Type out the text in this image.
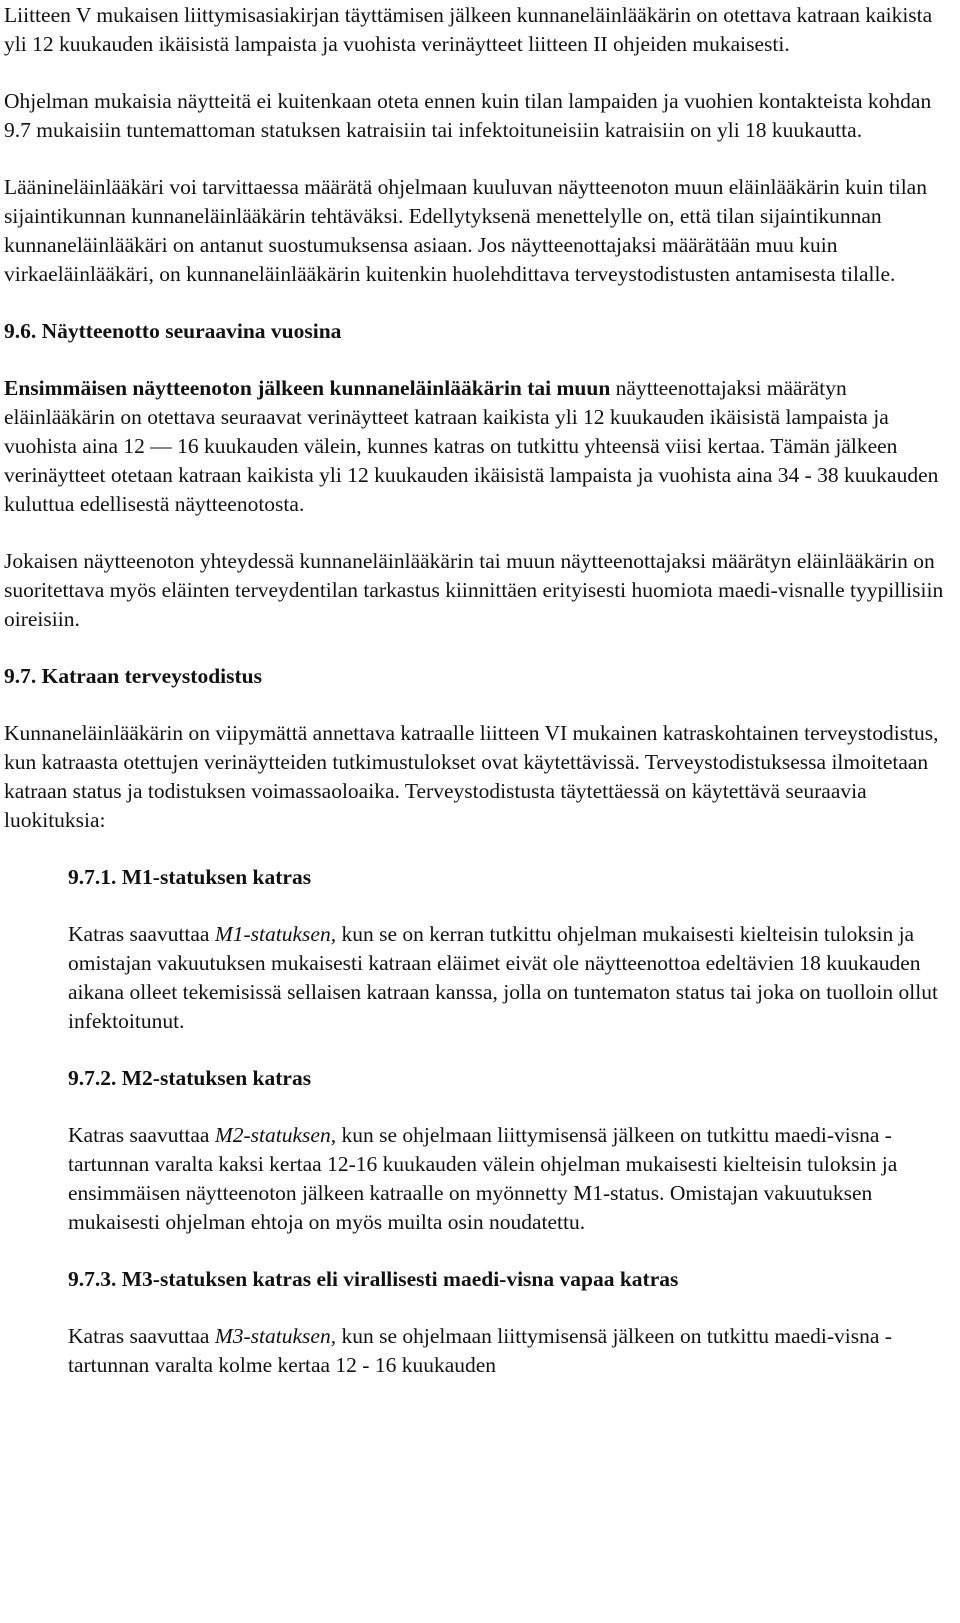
Liitteen V mukaisen liittymisasiakirjan täyttämisen jälkeen kunnaneläinlääkärin on otettava katraan kaikista yli 12 kuukauden ikäisistä lampaista ja vuohista verinäytteet liitteen II ohjeiden mukaisesti.

Ohjelman mukaisia näytteitä ei kuitenkaan oteta ennen kuin tilan lampaiden ja vuohien kontakteista kohdan 9.7 mukaisiin tuntemattoman statuksen katraisiin tai infektoituneisiin katraisiin on yli 18 kuukautta.

Läänineläinlääkäri voi tarvittaessa määrätä ohjelmaan kuuluvan näytteenoton muun eläinlääkärin kuin tilan sijaintikunnan kunnaneläinlääkärin tehtäväksi. Edellytyksenä menettelylle on, että tilan sijaintikunnan kunnaneläinlääkäri on antanut suostumuksensa asiaan. Jos näytteenottajaksi määrätään muu kuin virkaeläinlääkäri, on kunnaneläinlääkärin kuitenkin huolehdittava terveystodistusten antamisesta tilalle.

9.6. Näytteenotto seuraavina vuosina

Ensimmäisen näytteenoton jälkeen kunnaneläinlääkärin tai muun näytteenottajaksi määrätyn eläinlääkärin on otettava seuraavat verinäytteet katraan kaikista yli 12 kuukauden ikäisistä lampaista ja vuohista aina 12 — 16 kuukauden välein, kunnes katras on tutkittu yhteensä viisi kertaa. Tämän jälkeen verinäytteet otetaan katraan kaikista yli 12 kuukauden ikäisistä lampaista ja vuohista aina 34 - 38 kuukauden kuluttua edellisestä näytteenotosta.

Jokaisen näytteenoton yhteydessä kunnaneläinlääkärin tai muun näytteenottajaksi määrätyn eläinlääkärin on suoritettava myös eläinten terveydentilan tarkastus kiinnittäen erityisesti huomiota maedi-visnalle tyypillisiin oireisiin.

9.7. Katraan terveystodistus

Kunnaneläinlääkärin on viipymättä annettava katraalle liitteen VI mukainen katraskohtainen terveystodistus, kun katraasta otettujen verinäytteiden tutkimustulokset ovat käytettävissä. Terveystodistuksessa ilmoitetaan katraan status ja todistuksen voimassaoloaika. Terveystodistusta täytettäessä on käytettävä seuraavia luokituksia:

9.7.1. M1-statuksen katras

Katras saavuttaa M1-statuksen, kun se on kerran tutkittu ohjelman mukaisesti kielteisin tuloksin ja omistajan vakuutuksen mukaisesti katraan eläimet eivät ole näytteenottoa edeltävien 18 kuukauden aikana olleet tekemisissä sellaisen katraan kanssa, jolla on tuntematon status tai joka on tuolloin ollut infektoitunut.

9.7.2. M2-statuksen katras

Katras saavuttaa M2-statuksen, kun se ohjelmaan liittymisensä jälkeen on tutkittu maedi-visna -tartunnan varalta kaksi kertaa 12-16 kuukauden välein ohjelman mukaisesti kielteisin tuloksin ja ensimmäisen näytteenoton jälkeen katraalle on myönnetty M1-status. Omistajan vakuutuksen mukaisesti ohjelman ehtoja on myös muilta osin noudatettu.

9.7.3. M3-statuksen katras eli virallisesti maedi-visna vapaa katras

Katras saavuttaa M3-statuksen, kun se ohjelmaan liittymisensä jälkeen on tutkittu maedi-visna -tartunnan varalta kolme kertaa 12 - 16 kuukauden
